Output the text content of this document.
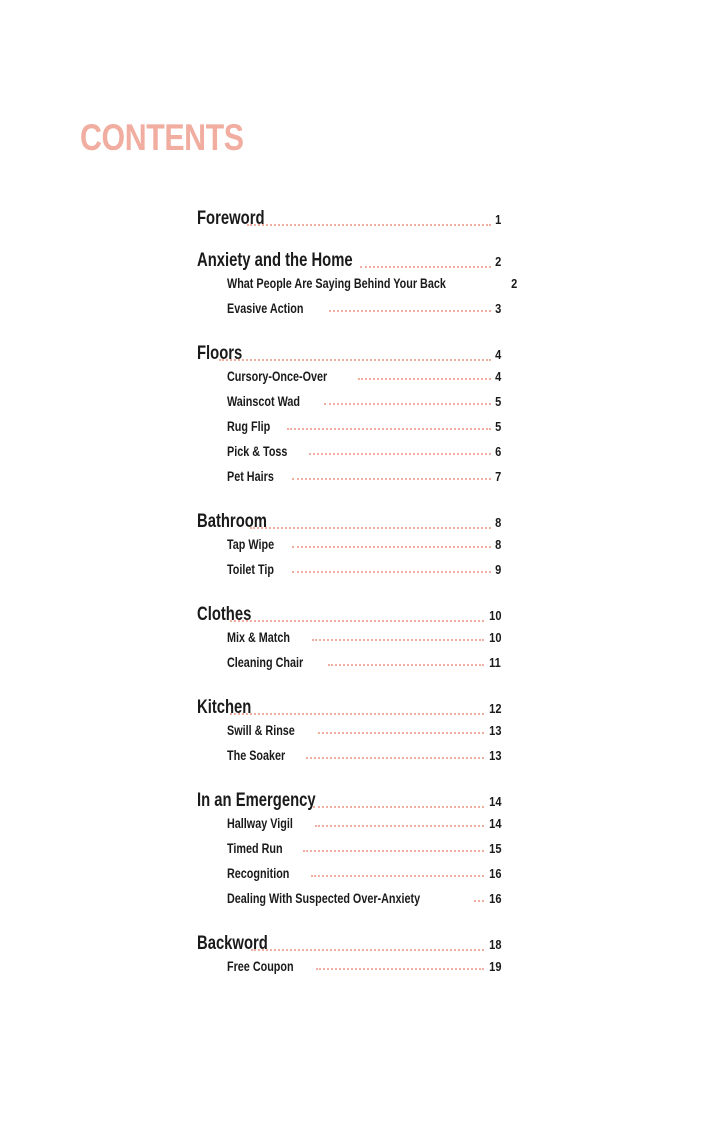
CONTENTS
Foreword	1
Anxiety and the Home	2
What People Are Saying Behind Your Back	2
Evasive Action	3
Floors	4
Cursory-Once-Over	4
Wainscot Wad	5
Rug Flip	5
Pick & Toss	6
Pet Hairs	7
Bathroom	8
Tap Wipe	8
Toilet Tip	9
Clothes	10
Mix & Match	10
Cleaning Chair	11
Kitchen	12
Swill & Rinse	13
The Soaker	13
In an Emergency	14
Hallway Vigil	14
Timed Run	15
Recognition	16
Dealing With Suspected Over-Anxiety	16
Backword	18
Free Coupon	19
